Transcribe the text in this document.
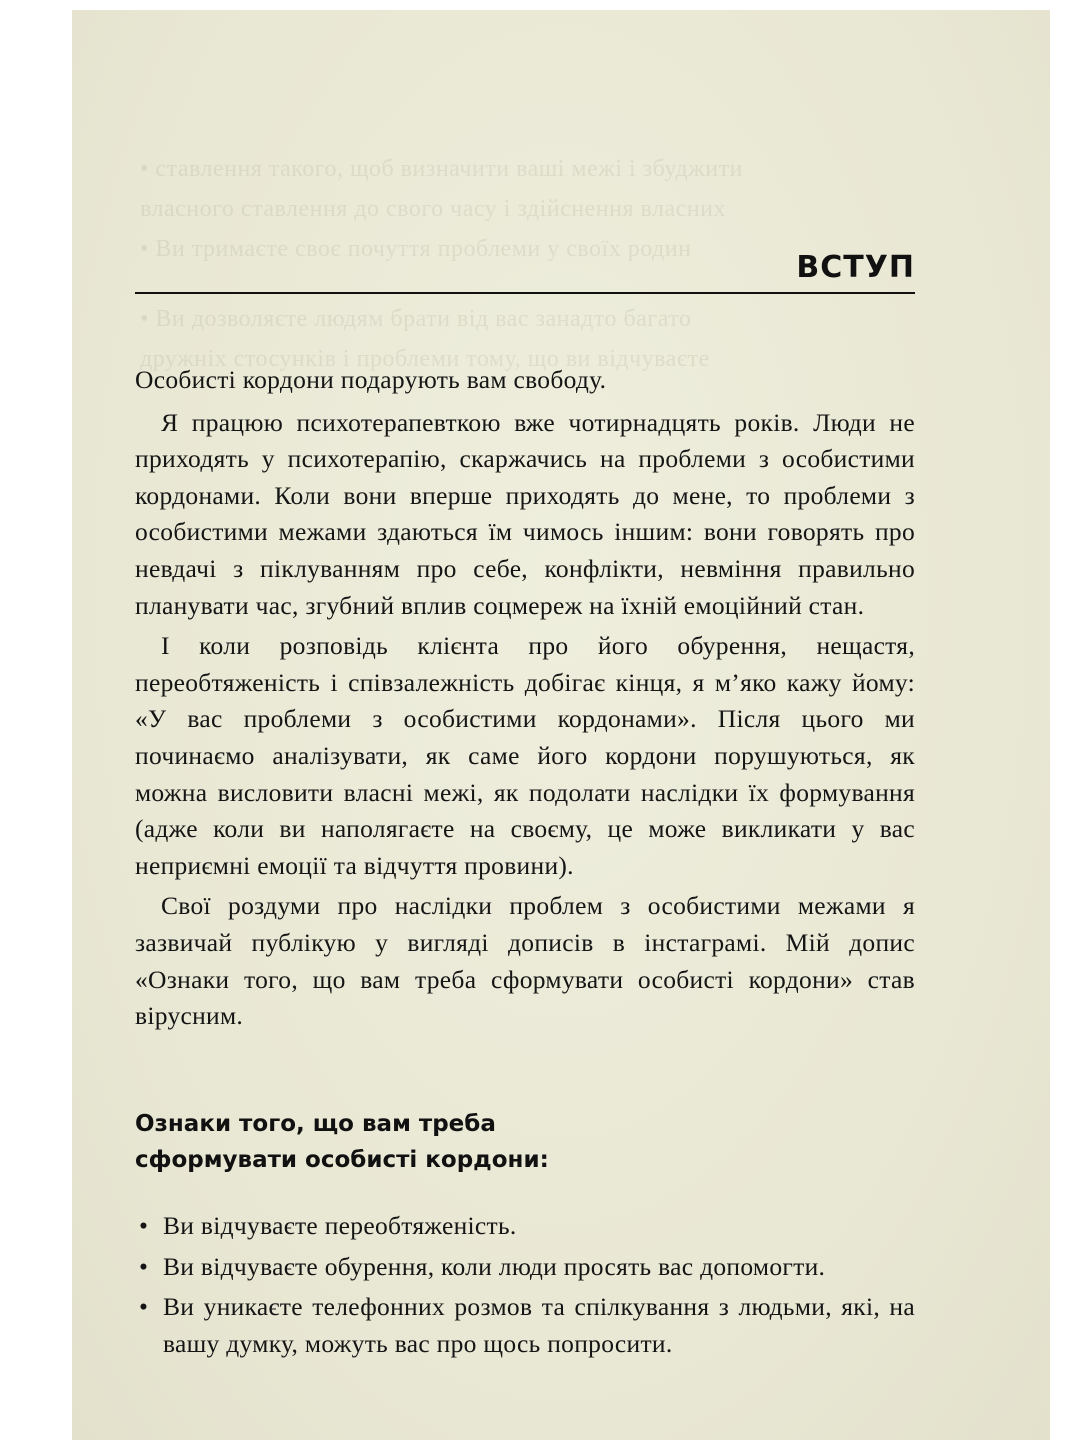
• ставлення такого, щоб визначити ваші межі і збуджити
власного ставлення до свого часу і здійснення власних
• Ви тримаєте своє почуття проблеми у своїх родин
• Ви дозволяєте людям брати від вас занадто багато
дружніх стосунків і проблеми тому, що ви відчуваєте
ВСТУП

Особисті кордони подарують вам свободу.

Я працюю психотерапевткою вже чотирнадцять років. Люди не приходять у психотерапію, скаржачись на проблеми з особистими кордонами. Коли вони вперше приходять до мене, то проблеми з особистими межами здаються їм чимось іншим: вони говорять про невдачі з піклуванням про себе, конфлікти, невміння правильно планувати час, згубний вплив соцмереж на їхній емоційний стан.

І коли розповідь клієнта про його обурення, нещастя, переобтяженість і співзалежність добігає кінця, я м’яко кажу йому: «У вас проблеми з особистими кордонами». Після цього ми починаємо аналізувати, як саме його кордони порушуються, як можна висловити власні межі, як подолати наслідки їх формування (адже коли ви наполягаєте на своєму, це може викликати у вас неприємні емоції та відчуття провини).

Свої роздуми про наслідки проблем з особистими межами я зазвичай публікую у вигляді дописів в інстаграмі. Мій допис «Ознаки того, що вам треба сформувати особисті кордони» став вірусним.

Ознаки того, що вам треба
сформувати особисті кордони:
• Ви відчуваєте переобтяженість.
• Ви відчуваєте обурення, коли люди просять вас допомогти.
• Ви уникаєте телефонних розмов та спілкування з людьми, які, на вашу думку, можуть вас про щось попросити.
